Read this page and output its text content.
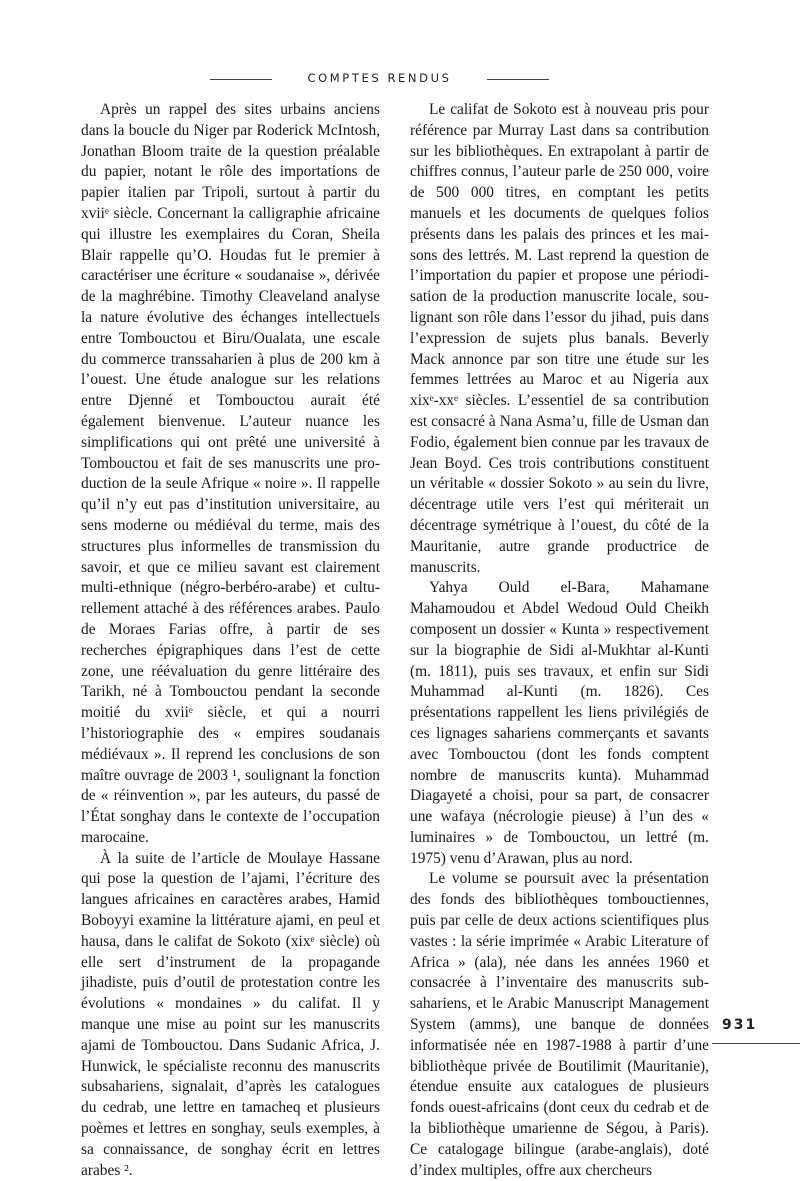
COMPTES RENDUS

Après un rappel des sites urbains anciens dans la boucle du Niger par Roderick McIntosh, Jonathan Bloom traite de la question préalable du papier, notant le rôle des importations de papier italien par Tripoli, surtout à partir du xviiᵉ siècle. Concernant la calligraphie africaine qui illustre les exemplaires du Coran, Sheila Blair rappelle qu’O. Houdas fut le premier à caractériser une écriture « soudanaise », dérivée de la maghrébine. Timothy Cleaveland analyse la nature évolutive des échanges intellectuels entre Tombouctou et Biru/Oualata, une escale du commerce transsaharien à plus de 200 km à l’ouest. Une étude analogue sur les relations entre Djenné et Tombouctou aurait été également bienvenue. L’auteur nuance les simplifications qui ont prêté une université à Tombouctou et fait de ses manuscrits une production de la seule Afrique « noire ». Il rappelle qu’il n’y eut pas d’institution universitaire, au sens moderne ou médiéval du terme, mais des structures plus informelles de transmission du savoir, et que ce milieu savant est clairement multi-ethnique (négro-berbéro-arabe) et culturellement attaché à des références arabes. Paulo de Moraes Farias offre, à partir de ses recherches épigraphiques dans l’est de cette zone, une réévaluation du genre littéraire des Tarikh, né à Tombouctou pendant la seconde moitié du xviiᵉ siècle, et qui a nourri l’historiographie des « empires soudanais médiévaux ». Il reprend les conclusions de son maître ouvrage de 2003 ¹, soulignant la fonction de « réinvention », par les auteurs, du passé de l’État songhay dans le contexte de l’occupation marocaine.

À la suite de l’article de Moulaye Hassane qui pose la question de l’ajami, l’écriture des langues africaines en caractères arabes, Hamid Boboyyi examine la littérature ajami, en peul et hausa, dans le califat de Sokoto (xixᵉ siècle) où elle sert d’instrument de la propagande jihadiste, puis d’outil de protestation contre les évolutions « mondaines » du califat. Il y manque une mise au point sur les manuscrits ajami de Tombouctou. Dans Sudanic Africa, J. Hunwick, le spécialiste reconnu des manuscrits subsahariens, signalait, d’après les catalogues du cedrab, une lettre en tamacheq et plusieurs poèmes et lettres en songhay, seuls exemples, à sa connaissance, de songhay écrit en lettres arabes ².

Le califat de Sokoto est à nouveau pris pour référence par Murray Last dans sa contribution sur les bibliothèques. En extrapolant à partir de chiffres connus, l’auteur parle de 250 000, voire de 500 000 titres, en comptant les petits manuels et les documents de quelques folios présents dans les palais des princes et les maisons des lettrés. M. Last reprend la question de l’importation du papier et propose une périodisation de la production manuscrite locale, soulignant son rôle dans l’essor du jihad, puis dans l’expression de sujets plus banals. Beverly Mack annonce par son titre une étude sur les femmes lettrées au Maroc et au Nigeria aux xixᵉ-xxᵉ siècles. L’essentiel de sa contribution est consacré à Nana Asma’u, fille de Usman dan Fodio, également bien connue par les travaux de Jean Boyd. Ces trois contributions constituent un véritable « dossier Sokoto » au sein du livre, décentrage utile vers l’est qui mériterait un décentrage symétrique à l’ouest, du côté de la Mauritanie, autre grande productrice de manuscrits.

Yahya Ould el-Bara, Mahamane Mahamoudou et Abdel Wedoud Ould Cheikh composent un dossier « Kunta » respectivement sur la biographie de Sidi al-Mukhtar al-Kunti (m. 1811), puis ses travaux, et enfin sur Sidi Muhammad al-Kunti (m. 1826). Ces présentations rappellent les liens privilégiés de ces lignages sahariens commerçants et savants avec Tombouctou (dont les fonds comptent nombre de manuscrits kunta). Muhammad Diagayeté a choisi, pour sa part, de consacrer une wafaya (nécrologie pieuse) à l’un des « luminaires » de Tombouctou, un lettré (m. 1975) venu d’Arawan, plus au nord.

Le volume se poursuit avec la présentation des fonds des bibliothèques tombouctiennes, puis par celle de deux actions scientifiques plus vastes : la série imprimée « Arabic Literature of Africa » (ala), née dans les années 1960 et consacrée à l’inventaire des manuscrits subsahariens, et le Arabic Manuscript Management System (amms), une banque de données informatisée née en 1987-1988 à partir d’une bibliothèque privée de Boutilimit (Mauritanie), étendue ensuite aux catalogues de plusieurs fonds ouest-africains (dont ceux du cedrab et de la bibliothèque umarienne de Ségou, à Paris). Ce catalogage bilingue (arabe-anglais), doté d’index multiples, offre aux chercheurs

931
